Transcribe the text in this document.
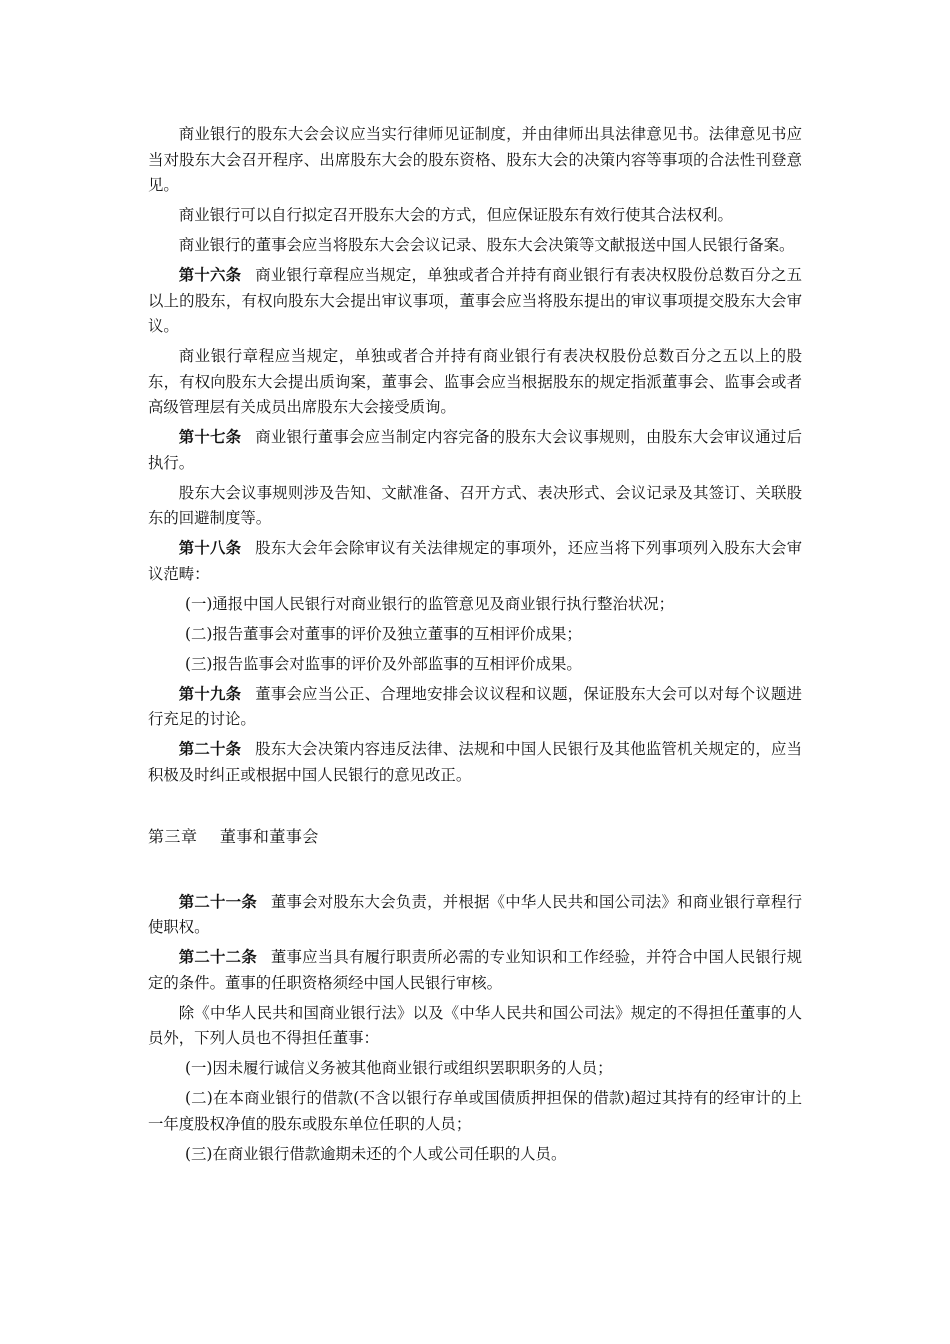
商业银行的股东大会会议应当实行律师见证制度，并由律师出具法律意见书。法律意见书应当对股东大会召开程序、出席股东大会的股东资格、股东大会的决策内容等事项的合法性刊登意见。

商业银行可以自行拟定召开股东大会的方式，但应保证股东有效行使其合法权利。

商业银行的董事会应当将股东大会会议记录、股东大会决策等文献报送中国人民银行备案。

第十六条 商业银行章程应当规定，单独或者合并持有商业银行有表决权股份总数百分之五以上的股东，有权向股东大会提出审议事项，董事会应当将股东提出的审议事项提交股东大会审议。

商业银行章程应当规定，单独或者合并持有商业银行有表决权股份总数百分之五以上的股东，有权向股东大会提出质询案，董事会、监事会应当根据股东的规定指派董事会、监事会或者高级管理层有关成员出席股东大会接受质询。

第十七条 商业银行董事会应当制定内容完备的股东大会议事规则，由股东大会审议通过后执行。

股东大会议事规则涉及告知、文献准备、召开方式、表决形式、会议记录及其签订、关联股东的回避制度等。

第十八条 股东大会年会除审议有关法律规定的事项外，还应当将下列事项列入股东大会审议范畴：

(一)通报中国人民银行对商业银行的监管意见及商业银行执行整治状况；

(二)报告董事会对董事的评价及独立董事的互相评价成果；

(三)报告监事会对监事的评价及外部监事的互相评价成果。

第十九条 董事会应当公正、合理地安排会议议程和议题，保证股东大会可以对每个议题进行充足的讨论。

第二十条 股东大会决策内容违反法律、法规和中国人民银行及其他监管机关规定的，应当积极及时纠正或根据中国人民银行的意见改正。

第三章 董事和董事会

第二十一条 董事会对股东大会负责，并根据《中华人民共和国公司法》和商业银行章程行使职权。

第二十二条 董事应当具有履行职责所必需的专业知识和工作经验，并符合中国人民银行规定的条件。董事的任职资格须经中国人民银行审核。

除《中华人民共和国商业银行法》以及《中华人民共和国公司法》规定的不得担任董事的人员外，下列人员也不得担任董事：

(一)因未履行诚信义务被其他商业银行或组织罢职职务的人员；

(二)在本商业银行的借款(不含以银行存单或国债质押担保的借款)超过其持有的经审计的上一年度股权净值的股东或股东单位任职的人员；

(三)在商业银行借款逾期未还的个人或公司任职的人员。
